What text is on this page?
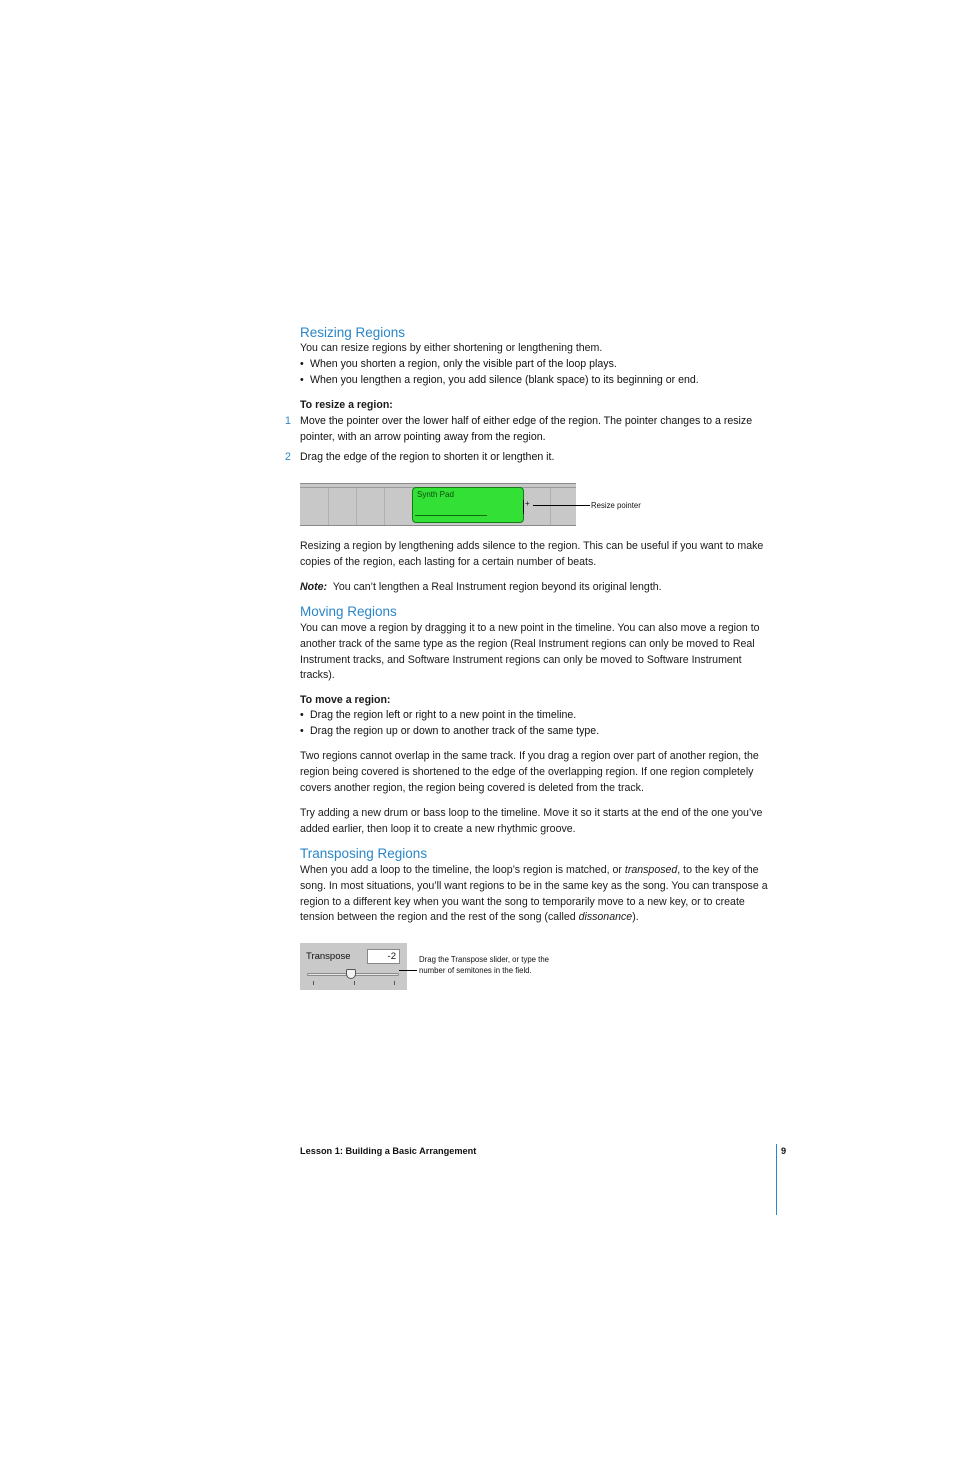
Resizing Regions
You can resize regions by either shortening or lengthening them.
• When you shorten a region, only the visible part of the loop plays.
• When you lengthen a region, you add silence (blank space) to its beginning or end.
To resize a region:
1 Move the pointer over the lower half of either edge of the region. The pointer changes to a resize pointer, with an arrow pointing away from the region.
2 Drag the edge of the region to shorten it or lengthen it.
Synth Pad
+	Resize pointer
Resizing a region by lengthening adds silence to the region. This can be useful if you want to make copies of the region, each lasting for a certain number of beats.
Note: You can’t lengthen a Real Instrument region beyond its original length.
Moving Regions
You can move a region by dragging it to a new point in the timeline. You can also move a region to another track of the same type as the region (Real Instrument regions can only be moved to Real Instrument tracks, and Software Instrument regions can only be moved to Software Instrument tracks).
To move a region:
• Drag the region left or right to a new point in the timeline.
• Drag the region up or down to another track of the same type.
Two regions cannot overlap in the same track. If you drag a region over part of another region, the region being covered is shortened to the edge of the overlapping region. If one region completely covers another region, the region being covered is deleted from the track.
Try adding a new drum or bass loop to the timeline. Move it so it starts at the end of the one you’ve added earlier, then loop it to create a new rhythmic groove.
Transposing Regions
When you add a loop to the timeline, the loop’s region is matched, or transposed, to the key of the song. In most situations, you’ll want regions to be in the same key as the song. You can transpose a region to a different key when you want the song to temporarily move to a new key, or to create tension between the region and the rest of the song (called dissonance).
Transpose	-2	Drag the Transpose slider, or type the
number of semitones in the field.
Lesson 1: Building a Basic Arrangement	9
